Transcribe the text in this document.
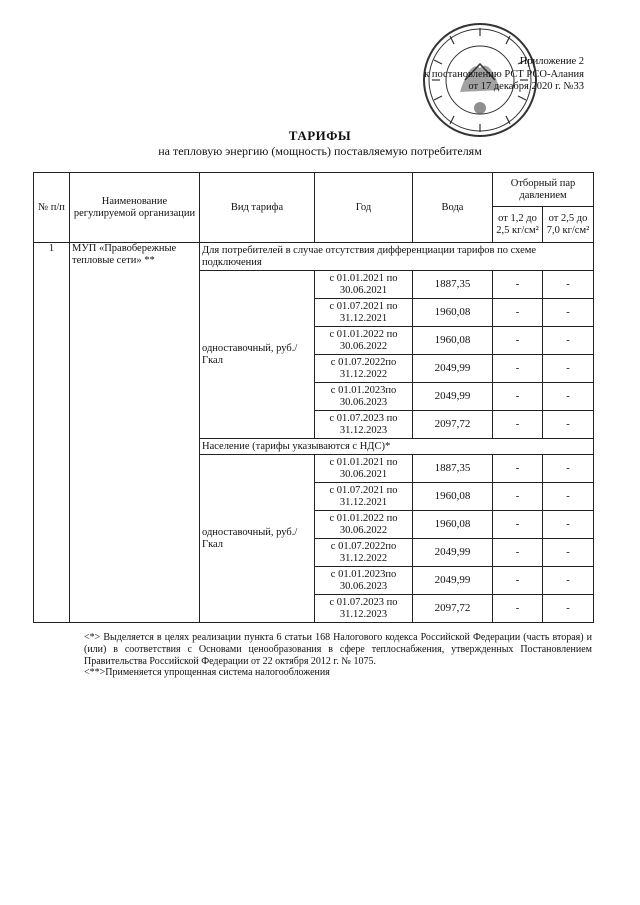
Приложение 2
к постановлению РСТ РСО-Алания
от 17 декабря 2020 г. №33
ТАРИФЫ
на тепловую энергию (мощность) поставляемую потребителям
№ п/п	Наименование регулируемой организации	Вид тарифа	Год	Вода	Отборный пар давлением	
					от 1,2 до 2,5 кг/см²	от 2,5 до 7,0 кг/см²
1	МУП «Правобережные тепловые сети» **	Для потребителей в случае отсутствия дифференциации тарифов по схеме подключения				
		одноставочный, руб./Гкал	с 01.01.2021 по 30.06.2021	1887,35	-	-
			с 01.07.2021 по 31.12.2021	1960,08	-	-
			с 01.01.2022 по 30.06.2022	1960,08	-	-
			с 01.07.2022по 31.12.2022	2049,99	-	-
			с 01.01.2023по 30.06.2023	2049,99	-	-
			с 01.07.2023 по 31.12.2023	2097,72	-	-
		Население (тарифы указываются с НДС)*				
		одноставочный, руб./Гкал	с 01.01.2021 по 30.06.2021	1887,35	-	-
			с 01.07.2021 по 31.12.2021	1960,08	-	-
			с 01.01.2022 по 30.06.2022	1960,08	-	-
			с 01.07.2022по 31.12.2022	2049,99	-	-
			с 01.01.2023по 30.06.2023	2049,99	-	-
			с 01.07.2023 по 31.12.2023	2097,72	-	-

<*> Выделяется в целях реализации пункта 6 статьи 168 Налогового кодекса Российской Федерации (часть вторая) и (или) в соответствия с Основами ценообразования в сфере теплоснабжения, утвержденных Постановлением Правительства Российской Федерации от 22 октября 2012 г. № 1075.

<**>Применяется упрощенная система налогообложения
